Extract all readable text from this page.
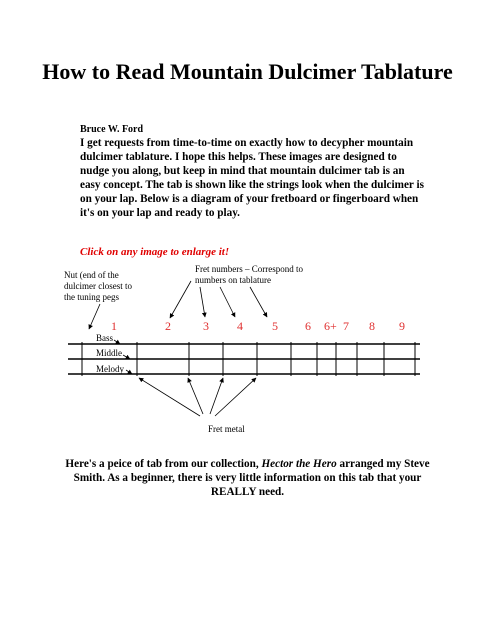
How to Read Mountain Dulcimer Tablature
Bruce W. Ford
I get requests from time-to-time on exactly how to decypher mountain dulcimer tablature. I hope this helps. These images are designed to nudge you along, but keep in mind that mountain dulcimer tab is an easy concept. The tab is shown like the strings look when the dulcimer is on your lap. Below is a diagram of your fretboard or fingerboard when it's on your lap and ready to play.
Click on any image to enlarge it!
Nut (end of the dulcimer closest to the tuning pegs
Fret numbers – Correspond to numbers on tablature
1	2	3 4 5 6 6+ 7 8 9
Bass
Middle
Melody
Fret metal
Here's a peice of tab from our collection, Hector the Hero arranged my Steve Smith. As a beginner, there is very little information on this tab that your REALLY need.
